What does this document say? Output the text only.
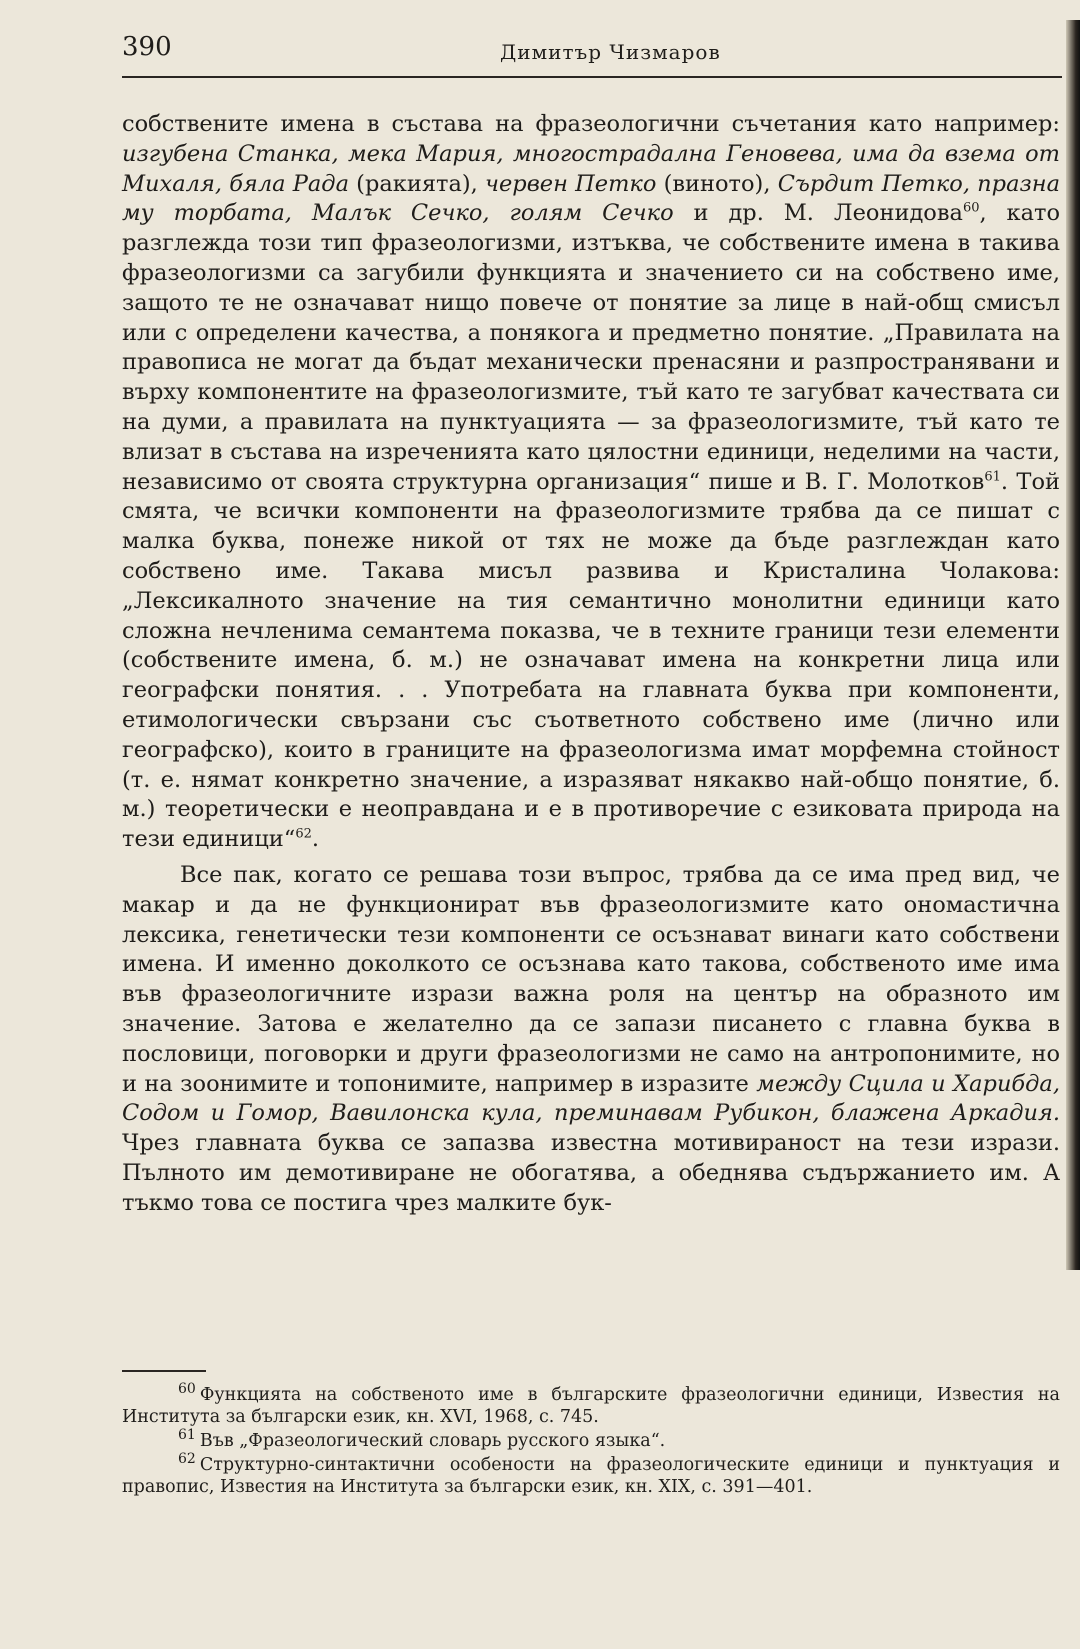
390	Димитър Чизмаров

собствените имена в състава на фразеологични съчетания като например: изгубена Станка, мека Мария, многострадална Геновева, има да взема от Михаля, бяла Рада (ракията), червен Петко (виното), Сърдит Петко, празна му торбата, Малък Сечко, голям Сечко и др. М. Леонидова$^{60}$, като разглежда този тип фразеологизми, изтъква, че собствените имена в такива фразеологизми са загубили функцията и значението си на собствено име, защото те не означават нищо повече от понятие за лице в най-общ смисъл или с определени качества, а понякога и предметно понятие. „Правилата на правописа не могат да бъдат механически пренасяни и разпространявани и върху компонентите на фразеологизмите, тъй като те загубват качествата си на думи, а правилата на пунктуацията — за фразеологизмите, тъй като те влизат в състава на изреченията като цялостни единици, неделими на части, независимо от своята структурна организация“ пише и В. Г. Молотков$^{61}$. Той смята, че всички компоненти на фразеологизмите трябва да се пишат с малка буква, понеже никой от тях не може да бъде разглеждан като собствено име. Такава мисъл развива и Кристалина Чолакова: „Лексикалното значение на тия семантично монолитни единици като сложна нечленима семантема показва, че в техните граници тези елементи (собствените имена, б. м.) не означават имена на конкретни лица или географски понятия. . . Употребата на главната буква при компоненти, етимологически свързани със съответното собствено име (лично или географско), които в границите на фразеологизма имат морфемна стойност (т. е. нямат конкретно значение, а изразяват някакво най-общо понятие, б. м.) теоретически е неоправдана и е в противоречие с езиковата природа на тези единици“$^{62}$.

Все пак, когато се решава този въпрос, трябва да се има пред вид, че макар и да не функционират във фразеологизмите като ономастична лексика, генетически тези компоненти се осъзнават винаги като собствени имена. И именно доколкото се осъзнава като такова, собственото име има във фразеологичните изрази важна роля на център на образното им значение. Затова е желателно да се запази писането с главна буква в пословици, поговорки и други фразеологизми не само на антропонимите, но и на зоонимите и топонимите, например в изразите между Сцила и Харибда, Содом и Гомор, Вавилонска кула, преминавам Рубикон, блажена Аркадия. Чрез главната буква се запазва известна мотивираност на тези изрази. Пълното им демотивиране не обогатява, а обеднява съдържанието им. А тъкмо това се постига чрез малките бук-

$^{60}$ Функцията на собственото име в българските фразеологични единици, Известия на Института за български език, кн. XVI, 1968, с. 745.

$^{61}$ Във „Фразеологический словарь русского языка“.

$^{62}$ Структурно-синтактични особености на фразеологическите единици и пунктуация и правопис, Известия на Института за български език, кн. XIX, с. 391—401.
